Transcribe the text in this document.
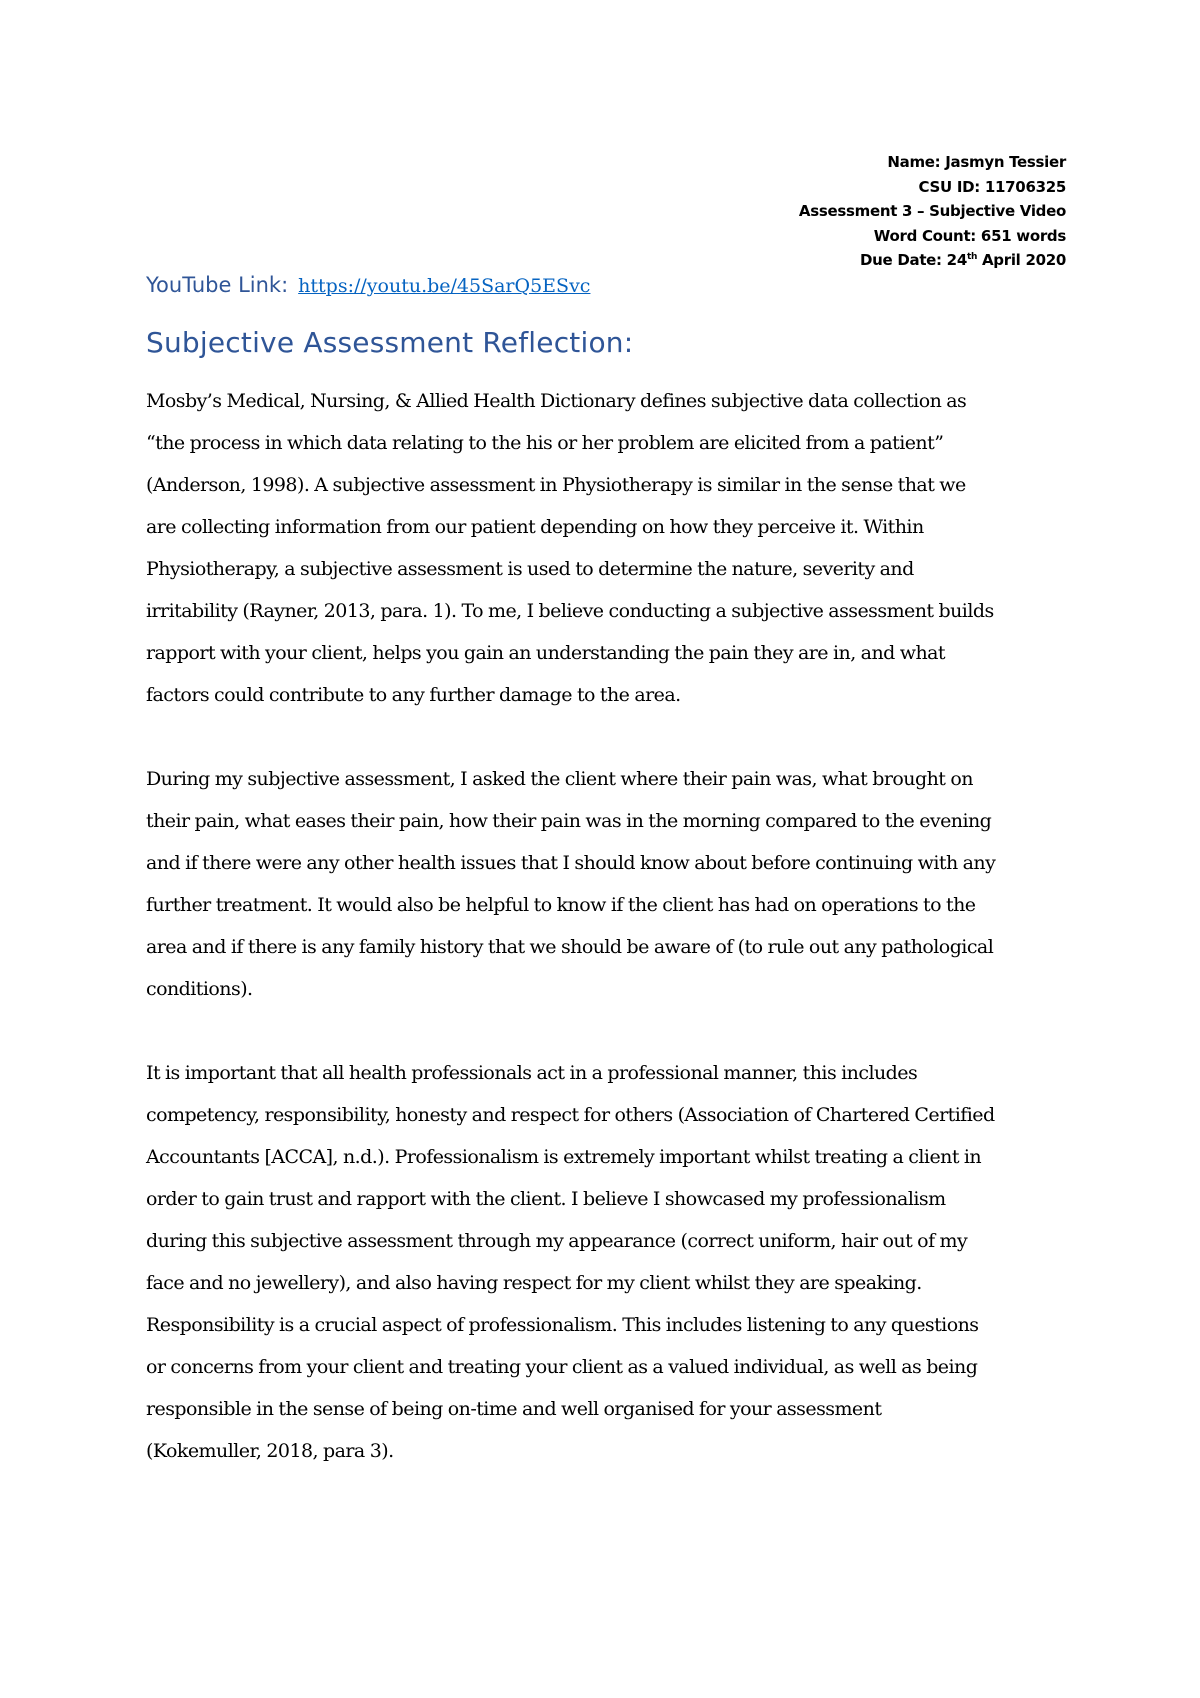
Name: Jasmyn Tessier
CSU ID: 11706325
Assessment 3 – Subjective Video
Word Count: 651 words
Due Date: 24th April 2020
YouTube Link: https://youtu.be/45SarQ5ESvc
Subjective Assessment Reflection:

Mosby’s Medical, Nursing, & Allied Health Dictionary defines subjective data collection as
“the process in which data relating to the his or her problem are elicited from a patient”
(Anderson, 1998). A subjective assessment in Physiotherapy is similar in the sense that we
are collecting information from our patient depending on how they perceive it. Within
Physiotherapy, a subjective assessment is used to determine the nature, severity and
irritability (Rayner, 2013, para. 1). To me, I believe conducting a subjective assessment builds
rapport with your client, helps you gain an understanding the pain they are in, and what
factors could contribute to any further damage to the area.

During my subjective assessment, I asked the client where their pain was, what brought on
their pain, what eases their pain, how their pain was in the morning compared to the evening
and if there were any other health issues that I should know about before continuing with any
further treatment. It would also be helpful to know if the client has had on operations to the
area and if there is any family history that we should be aware of (to rule out any pathological
conditions).

It is important that all health professionals act in a professional manner, this includes
competency, responsibility, honesty and respect for others (Association of Chartered Certified
Accountants [ACCA], n.d.). Professionalism is extremely important whilst treating a client in
order to gain trust and rapport with the client. I believe I showcased my professionalism
during this subjective assessment through my appearance (correct uniform, hair out of my
face and no jewellery), and also having respect for my client whilst they are speaking.
Responsibility is a crucial aspect of professionalism. This includes listening to any questions
or concerns from your client and treating your client as a valued individual, as well as being
responsible in the sense of being on-time and well organised for your assessment
(Kokemuller, 2018, para 3).
